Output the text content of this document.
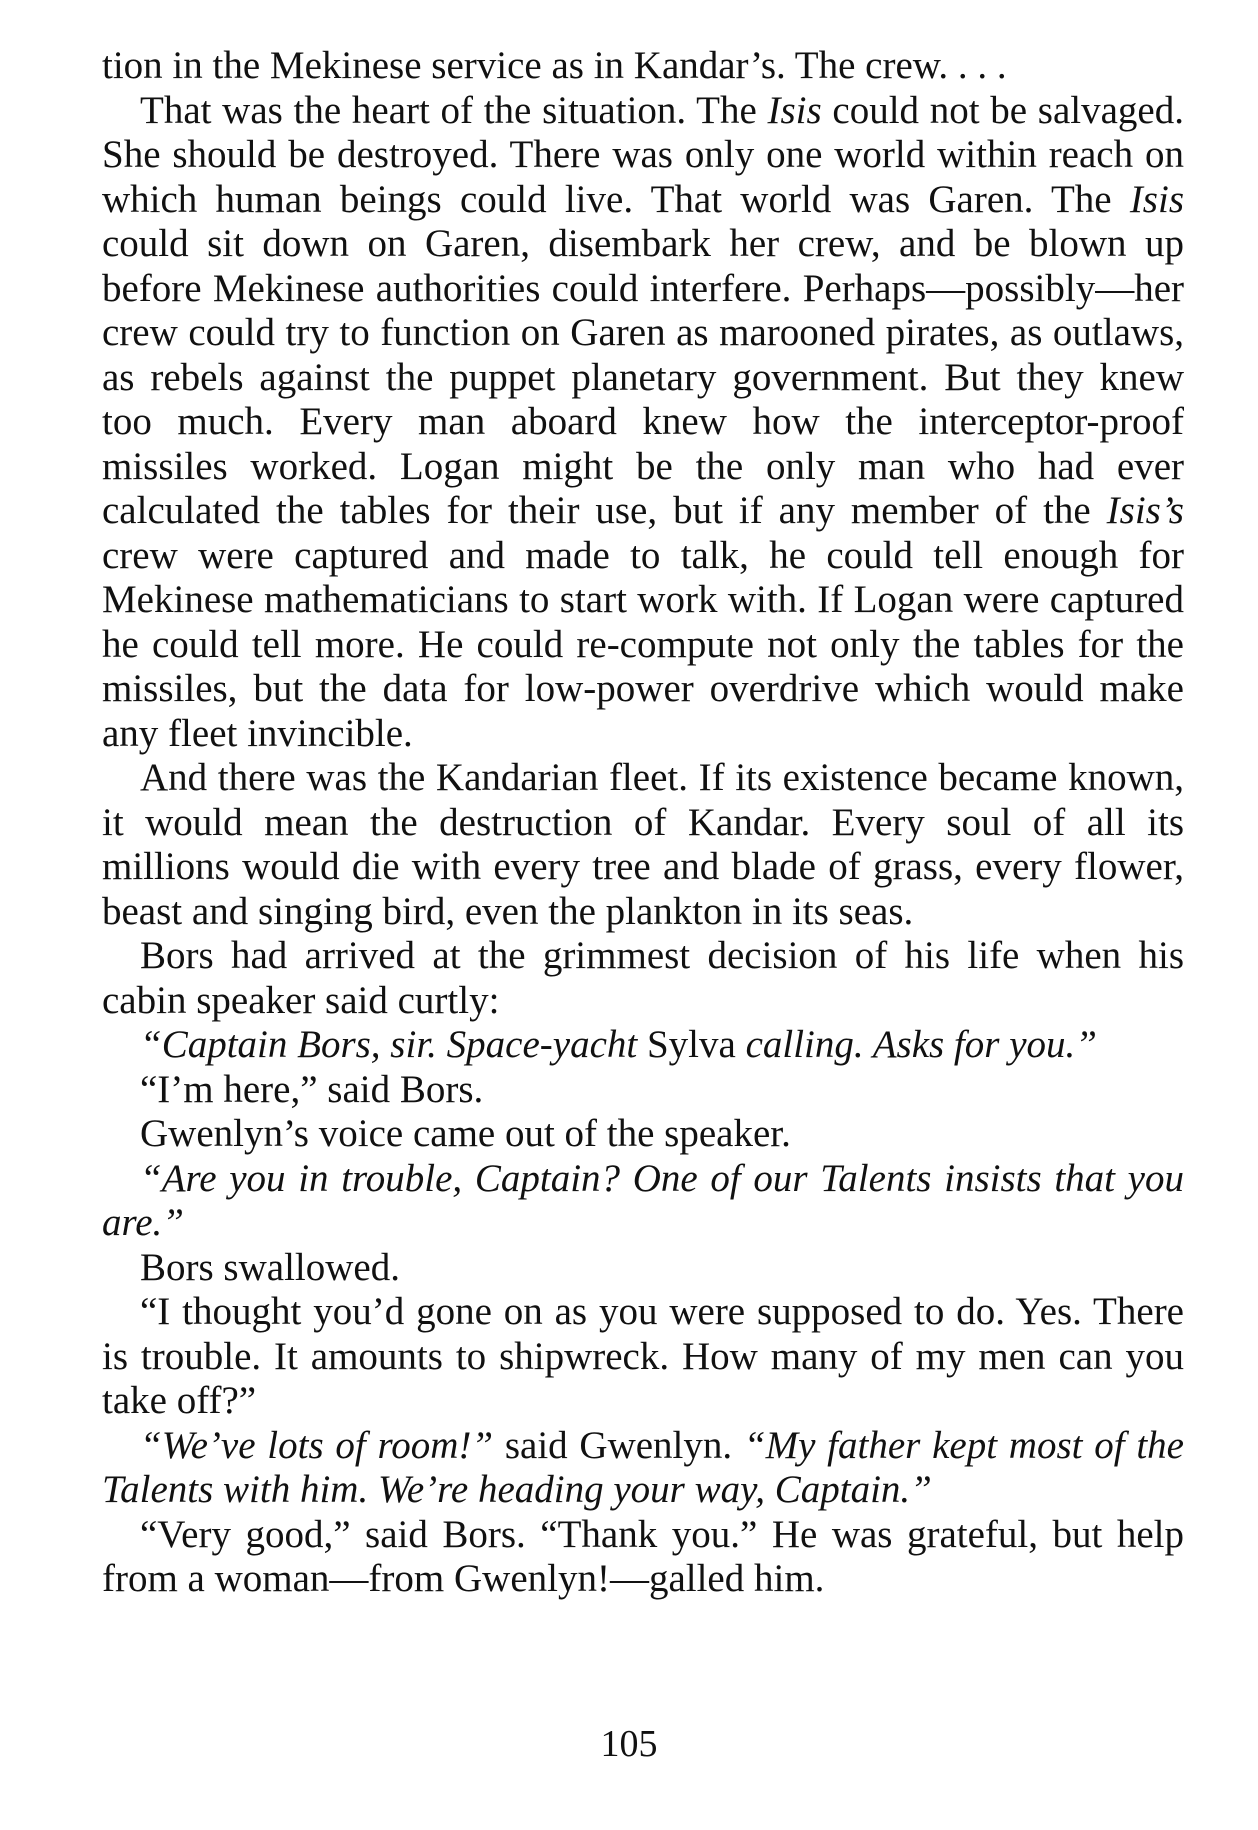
tion in the Mekinese service as in Kandar’s. The crew. . . .

That was the heart of the situation. The Isis could not be salvaged. She should be destroyed. There was only one world within reach on which human beings could live. That world was Garen. The Isis could sit down on Garen, disembark her crew, and be blown up before Mekinese authorities could interfere. Perhaps—possibly—her crew could try to function on Garen as marooned pirates, as outlaws, as rebels against the puppet planetary government. But they knew too much. Every man aboard knew how the interceptor-proof missiles worked. Logan might be the only man who had ever calculated the tables for their use, but if any member of the Isis’s crew were captured and made to talk, he could tell enough for Mekinese mathematicians to start work with. If Logan were captured he could tell more. He could re-compute not only the tables for the missiles, but the data for low-power overdrive which would make any fleet invincible.

And there was the Kandarian fleet. If its existence became known, it would mean the destruction of Kandar. Every soul of all its millions would die with every tree and blade of grass, every flower, beast and singing bird, even the plankton in its seas.

Bors had arrived at the grimmest decision of his life when his cabin speaker said curtly:

“Captain Bors, sir. Space-yacht Sylva calling. Asks for you.”

“I’m here,” said Bors.

Gwenlyn’s voice came out of the speaker.

“Are you in trouble, Captain? One of our Talents insists that you are.”

Bors swallowed.

“I thought you’d gone on as you were supposed to do. Yes. There is trouble. It amounts to shipwreck. How many of my men can you take off?”

“We’ve lots of room!” said Gwenlyn. “My father kept most of the Talents with him. We’re heading your way, Captain.”

“Very good,” said Bors. “Thank you.” He was grateful, but help from a woman—from Gwenlyn!—galled him.

105
